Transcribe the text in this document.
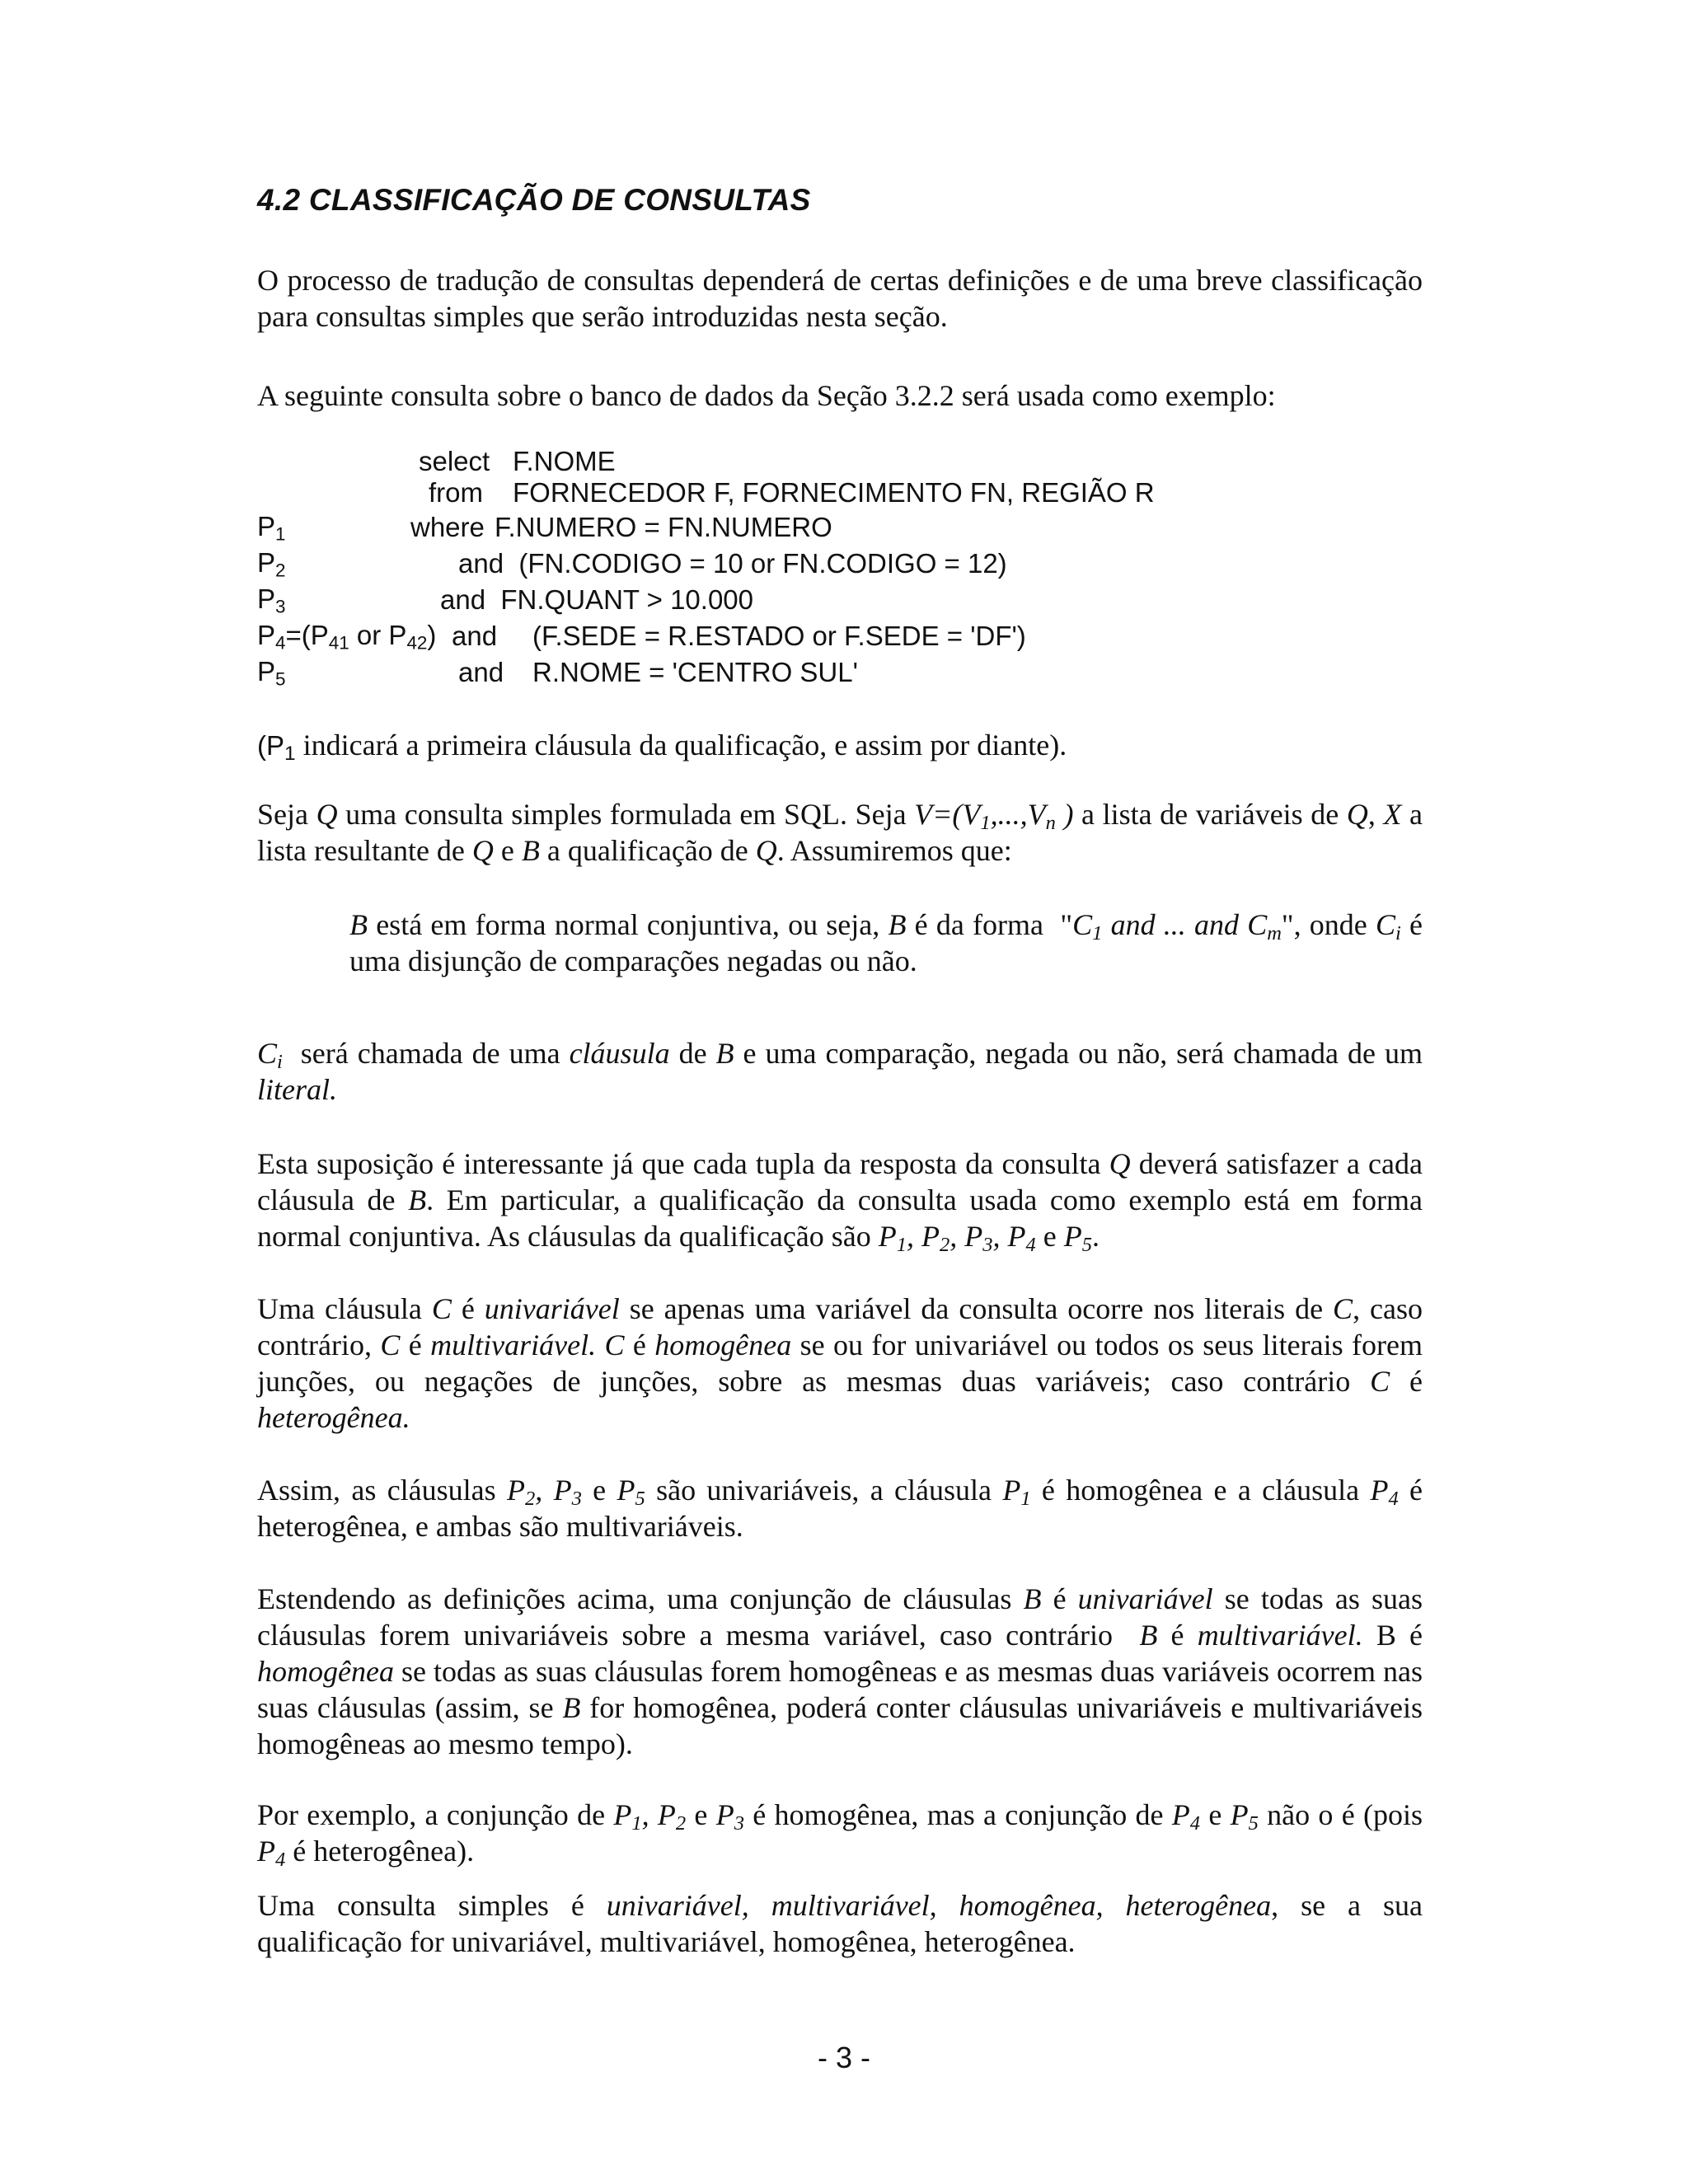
4.2 CLASSIFICAÇÃO DE CONSULTAS

O processo de tradução de consultas dependerá de certas definições e de uma breve classificação para consultas simples que serão introduzidas nesta seção.

A seguinte consulta sobre o banco de dados da Seção 3.2.2 será usada como exemplo:

select F.NOME
from FORNECEDOR F, FORNECIMENTO FN, REGIÃO R
$P_1$	where F.NUMERO = FN.NUMERO
$P_2$	and  (FN.CODIGO = 10 or FN.CODIGO = 12)
$P_3$	and  FN.QUANT > 10.000
$P_4=(P_{41}$ or $P_{42}$) and (F.SEDE = R.ESTADO or F.SEDE = 'DF')
$P_5$	and R.NOME = 'CENTRO SUL'

($P_1$ indicará a primeira cláusula da qualificação, e assim por diante).

Seja Q uma consulta simples formulada em SQL. Seja $V=(V_1,...,V_n$ ) a lista de variáveis de Q, X a lista resultante de Q e B a qualificação de Q. Assumiremos que:

B está em forma normal conjuntiva, ou seja, B é da forma  "$C_1$ and ... and $C_m$", onde $C_i$ é uma disjunção de comparações negadas ou não.

$C_i$  será chamada de uma cláusula de B e uma comparação, negada ou não, será chamada de um literal.

Esta suposição é interessante já que cada tupla da resposta da consulta Q deverá satisfazer a cada cláusula de B. Em particular, a qualificação da consulta usada como exemplo está em forma normal conjuntiva. As cláusulas da qualificação são $P_1$, $P_2$, $P_3$, $P_4$ e $P_5$.

Uma cláusula C é univariável se apenas uma variável da consulta ocorre nos literais de C, caso contrário, C é multivariável. C é homogênea se ou for univariável ou todos os seus literais forem junções, ou negações de junções, sobre as mesmas duas variáveis; caso contrário C é heterogênea.

Assim, as cláusulas $P_2$, $P_3$ e $P_5$ são univariáveis, a cláusula $P_1$ é homogênea e a cláusula $P_4$ é heterogênea, e ambas são multivariáveis.

Estendendo as definições acima, uma conjunção de cláusulas B é univariável se todas as suas cláusulas forem univariáveis sobre a mesma variável, caso contrário  B é multivariável. B é homogênea se todas as suas cláusulas forem homogêneas e as mesmas duas variáveis ocorrem nas suas cláusulas (assim, se B for homogênea, poderá conter cláusulas univariáveis e multivariáveis homogêneas ao mesmo tempo).

Por exemplo, a conjunção de $P_1$, $P_2$ e $P_3$ é homogênea, mas a conjunção de $P_4$ e $P_5$ não o é (pois $P_4$ é heterogênea).

Uma consulta simples é univariável, multivariável, homogênea, heterogênea, se a sua qualificação for univariável, multivariável, homogênea, heterogênea.

- 3 -
